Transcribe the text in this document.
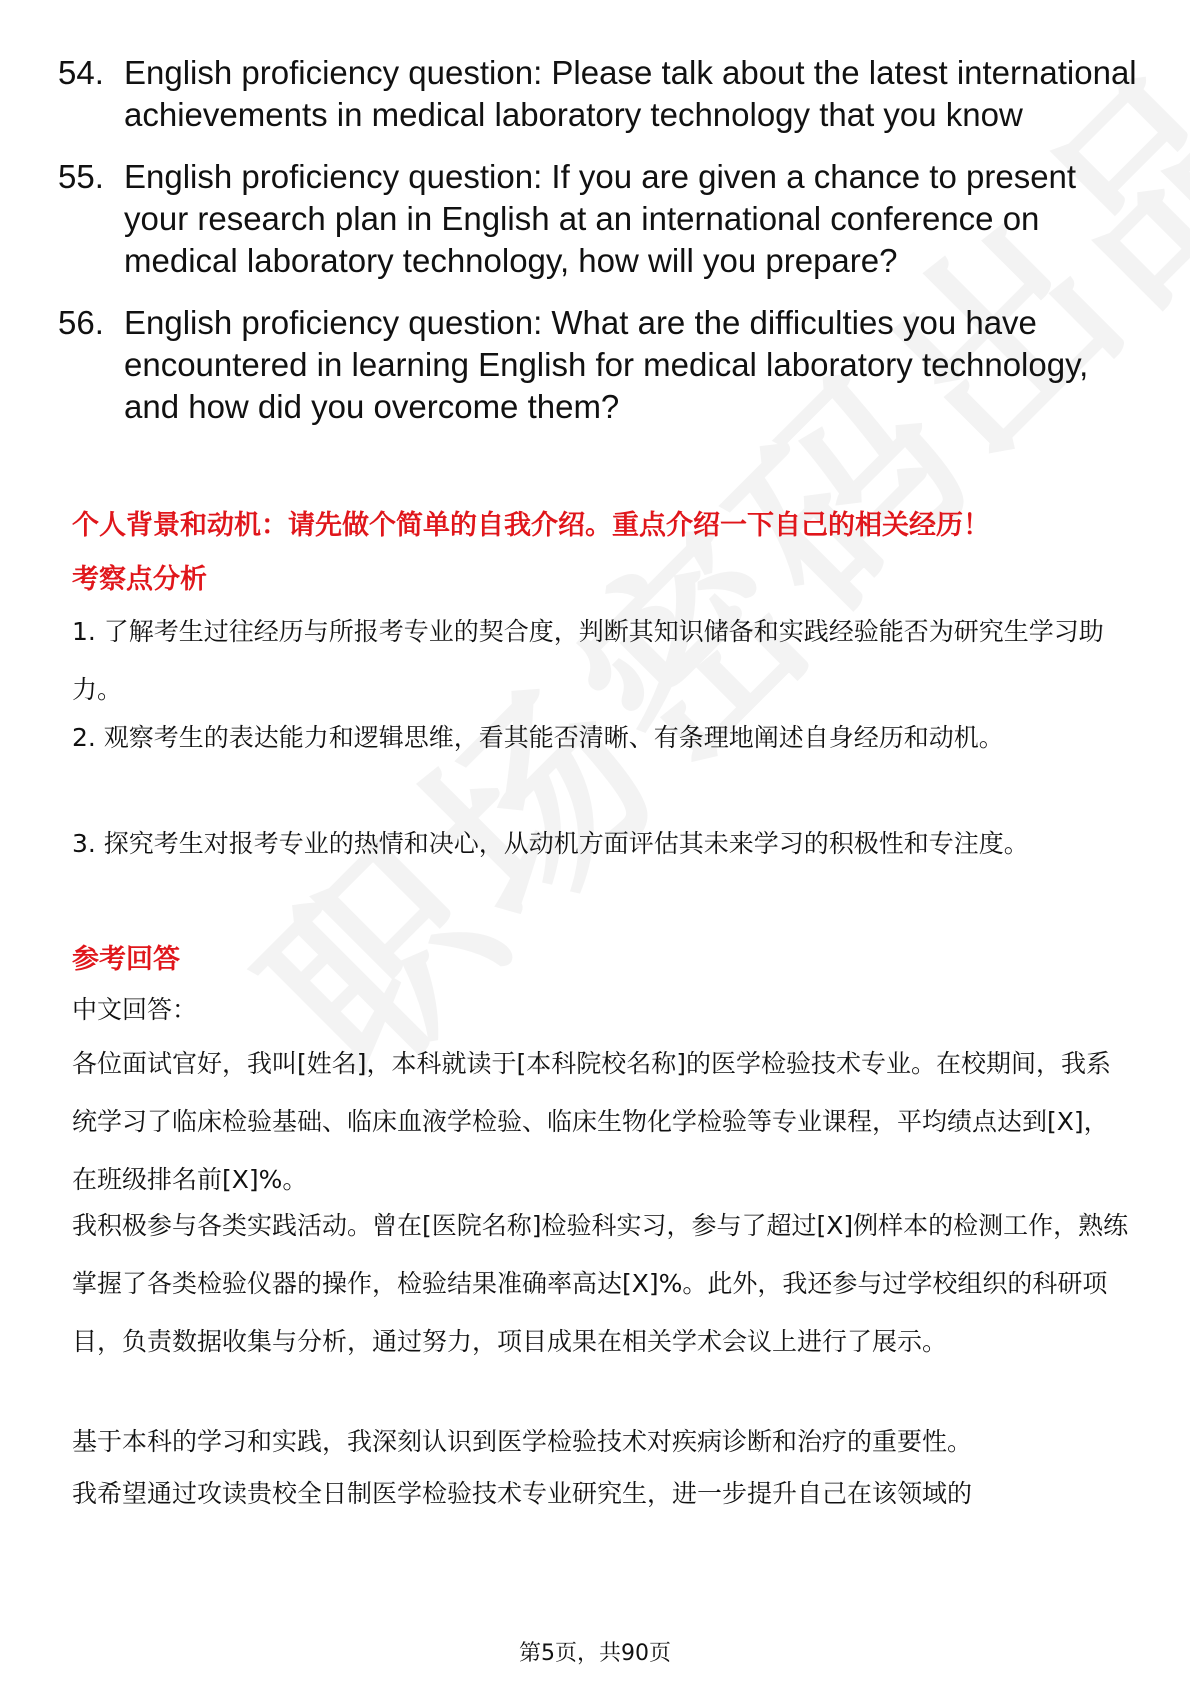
54. English proficiency question: Please talk about the latest international achievements in medical laboratory technology that you know
55. English proficiency question: If you are given a chance to present your research plan in English at an international conference on medical laboratory technology, how will you prepare?
56. English proficiency question: What are the difficulties you have encountered in learning English for medical laboratory technology, and how did you overcome them?
个人背景和动机：请先做个简单的自我介绍。重点介绍一下自己的相关经历！
考察点分析
1. 了解考生过往经历与所报考专业的契合度，判断其知识储备和实践经验能否为研究生学习助力。
2. 观察考生的表达能力和逻辑思维，看其能否清晰、有条理地阐述自身经历和动机。
3. 探究考生对报考专业的热情和决心，从动机方面评估其未来学习的积极性和专注度。
参考回答
中文回答：
各位面试官好，我叫[姓名]，本科就读于[本科院校名称]的医学检验技术专业。在校期间，我系统学习了临床检验基础、临床血液学检验、临床生物化学检验等专业课程，平均绩点达到[X]，在班级排名前[X]%。
我积极参与各类实践活动。曾在[医院名称]检验科实习，参与了超过[X]例样本的检测工作，熟练掌握了各类检验仪器的操作，检验结果准确率高达[X]%。此外，我还参与过学校组织的科研项目，负责数据收集与分析，通过努力，项目成果在相关学术会议上进行了展示。
基于本科的学习和实践，我深刻认识到医学检验技术对疾病诊断和治疗的重要性。
我希望通过攻读贵校全日制医学检验技术专业研究生，进一步提升自己在该领域的
第5页，共90页
